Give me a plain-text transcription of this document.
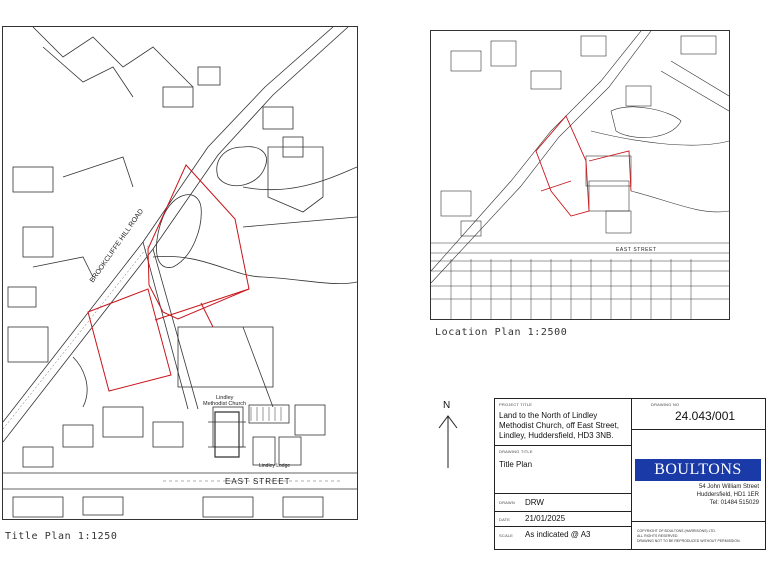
BROOKCLIFFE HILL ROAD
EAST STREET
Lindley
Methodist Church
Lindley Lodge
Title Plan 1:1250
EAST STREET
Location Plan 1:2500
N	PROJECT TITLE
Land to the North of Lindley Methodist Church, off East Street, Lindley, Huddersfield, HD3 3NB.
DRAWING NO
24.043/001
DRAWING TITLE
Title Plan	BOULTONS
54 John William Street
Huddersfield, HD1 1ER
Tel: 01484 515029
DRAWN DRW
DATE 21/01/2025
SCALE As indicated @ A3	COPYRIGHT OF BOULTONS (HARRISONS) LTD.
ALL RIGHTS RESERVED.
DRAWING NOT TO BE REPRODUCED WITHOUT PERMISSION.
